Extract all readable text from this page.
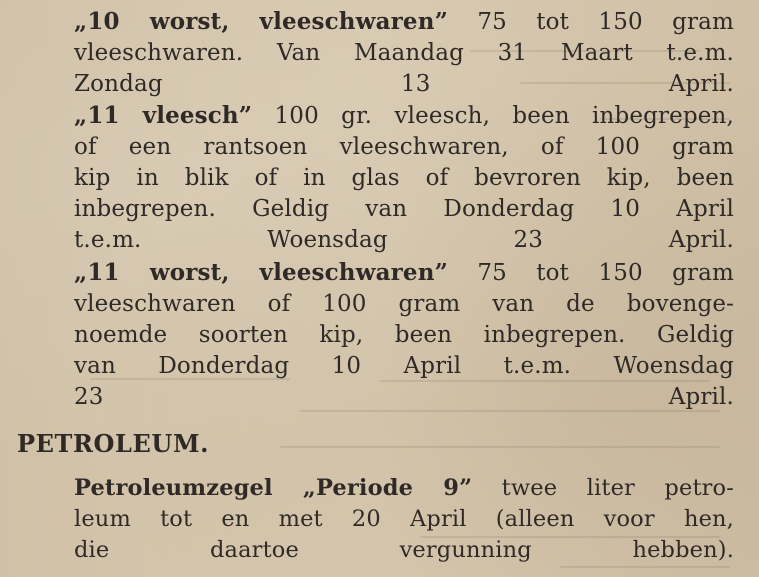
„10 worst, vleeschwaren” 75 tot 150 gram
vleeschwaren. Van Maandag 31 Maart t.e.m.
Zondag 13 April.
„11 vleesch” 100 gr. vleesch, been inbegrepen,
of een rantsoen vleeschwaren, of 100 gram
kip in blik of in glas of bevroren kip, been
inbegrepen. Geldig van Donderdag 10 April
t.e.m. Woensdag 23 April.
„11 worst, vleeschwaren” 75 tot 150 gram
vleeschwaren of 100 gram van de bovenge-
noemde soorten kip, been inbegrepen. Geldig
van Donderdag 10 April t.e.m. Woensdag
23 April.
PETROLEUM.
Petroleumzegel „Periode 9” twee liter petro-
leum tot en met 20 April (alleen voor hen,
die daartoe vergunning hebben).
